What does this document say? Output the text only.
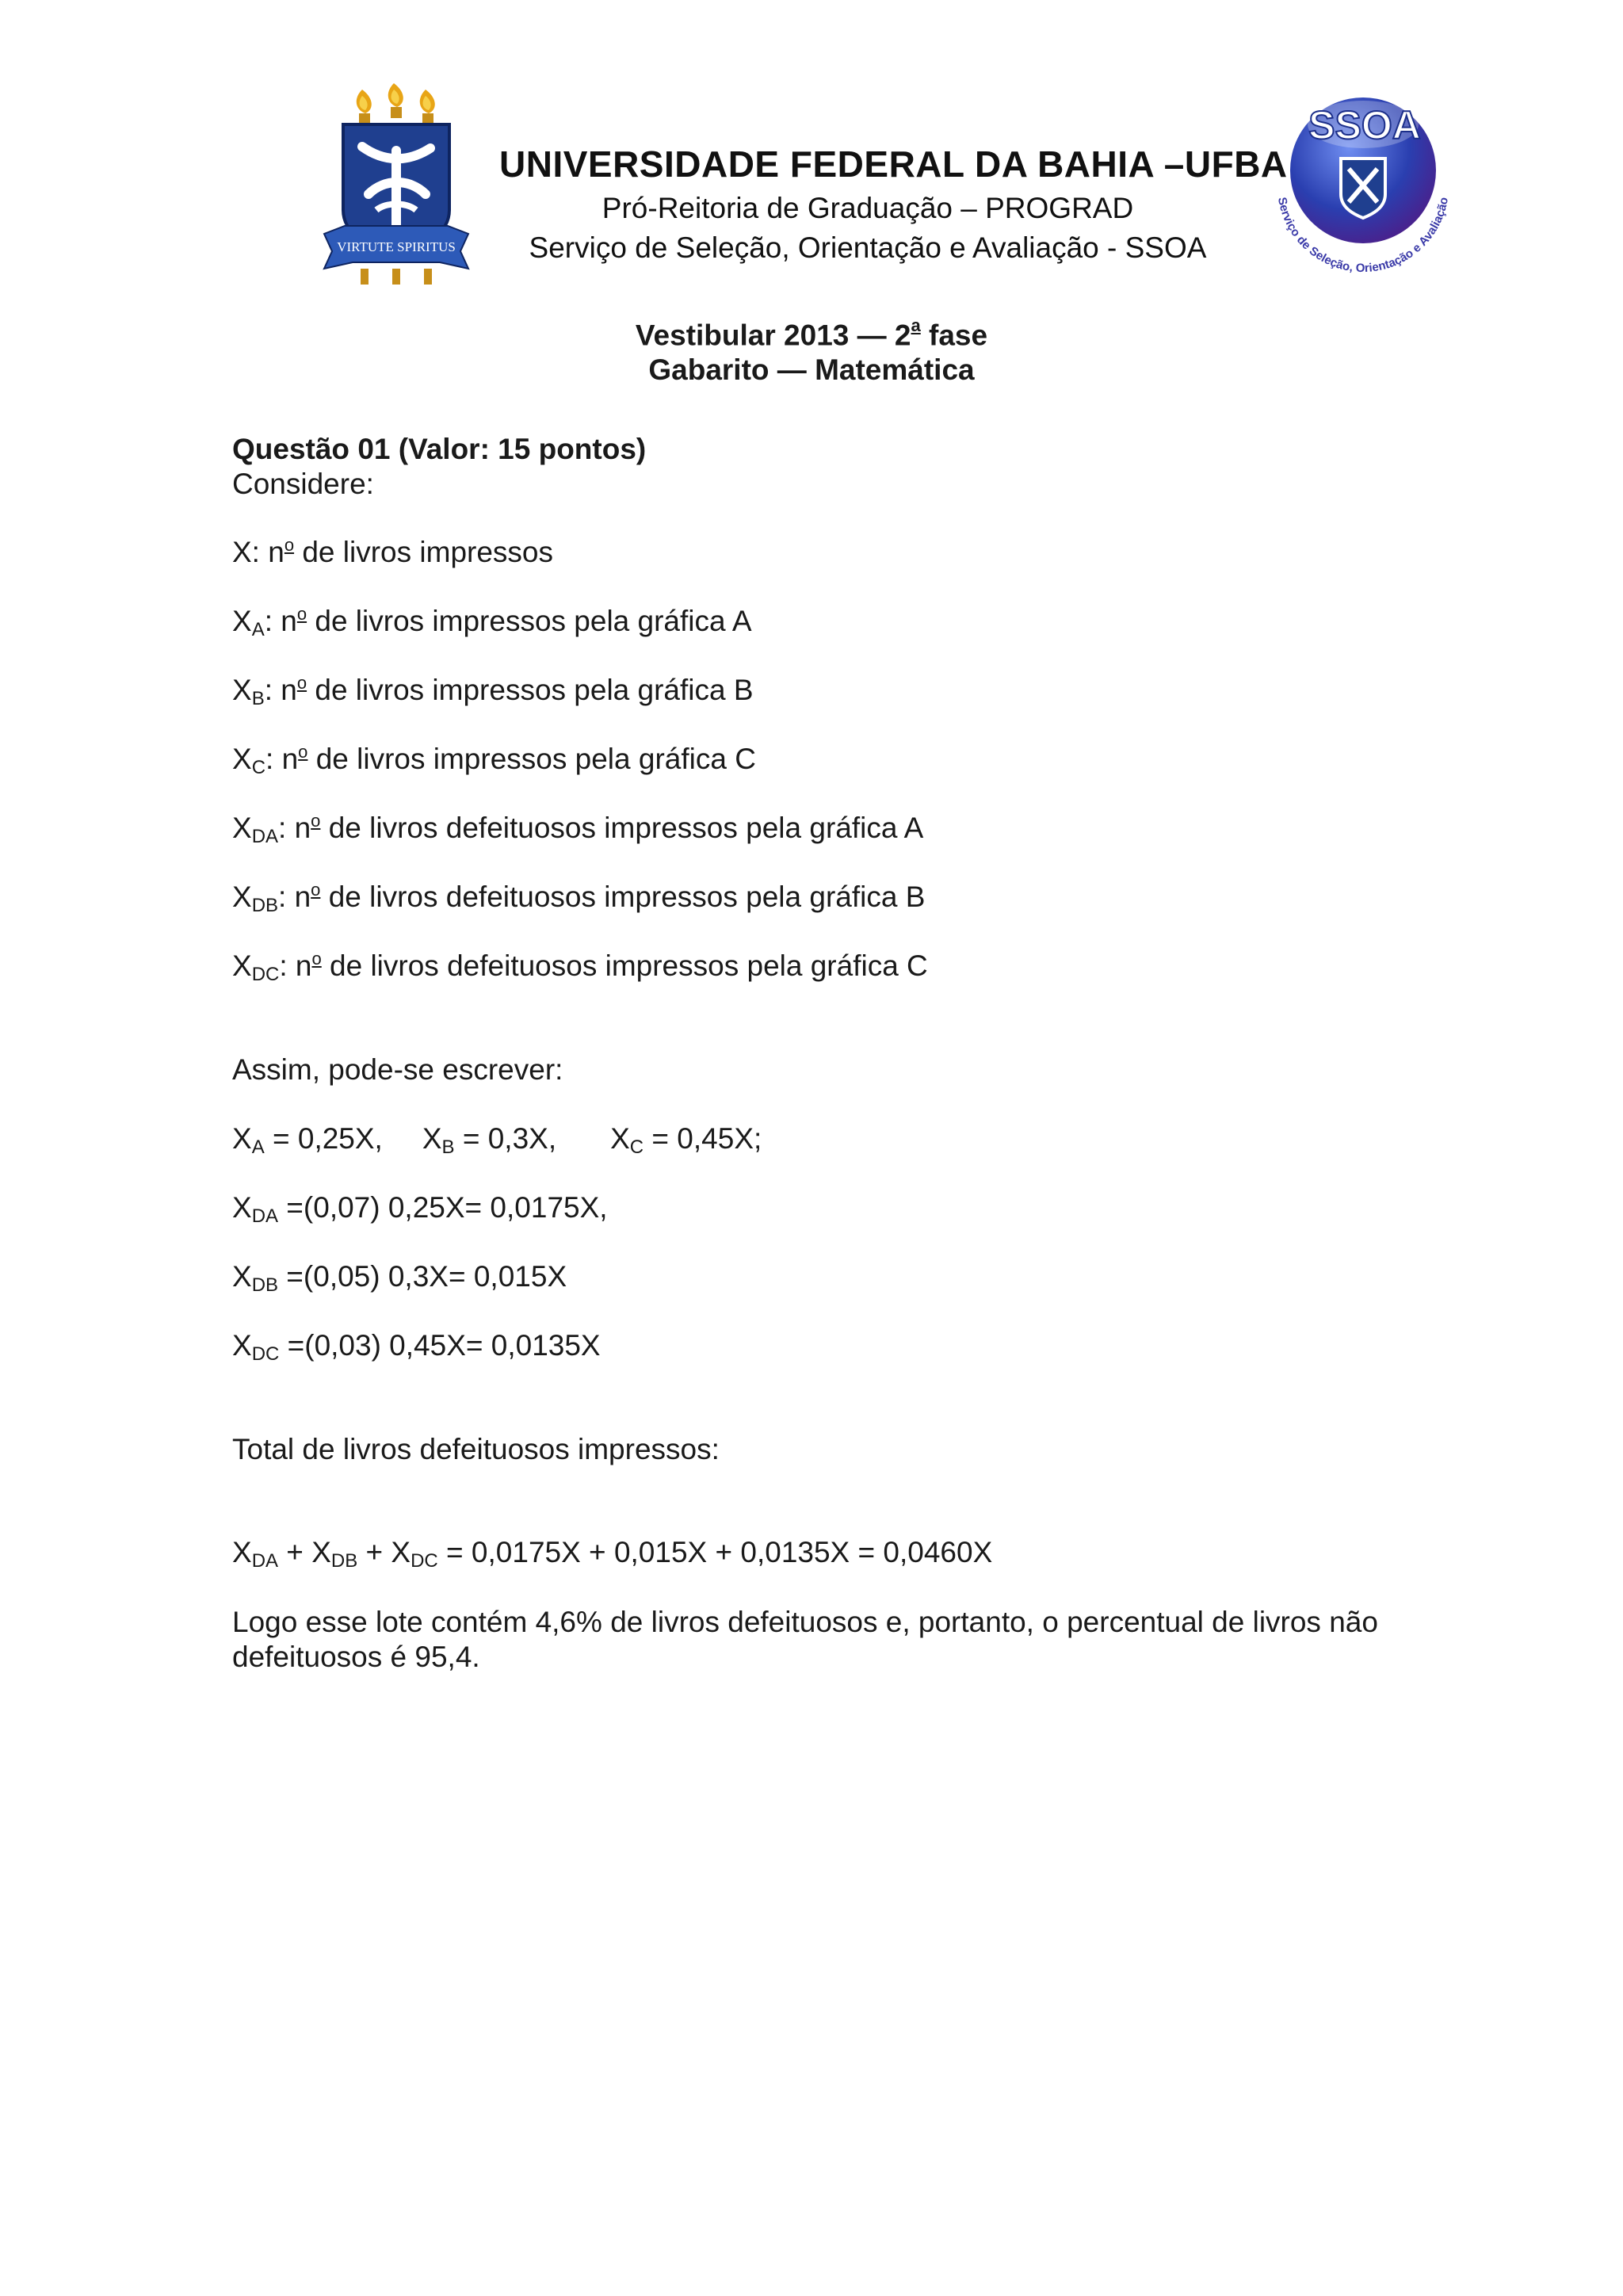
VIRTUTE SPIRITUS
UNIVERSIDADE FEDERAL DA BAHIA –UFBA
Pró-Reitoria de Graduação – PROGRAD
Serviço de Seleção, Orientação e Avaliação - SSOA
SSOA
Serviço de Seleção, Orientação e Avaliação
Vestibular 2013 — 2$^a$ fase
Gabarito — Matemática
Questão 01 (Valor: 15 pontos)
Considere:
X: $n^o$ de livros impressos
$X_A$: $n^o$ de livros impressos pela gráfica A
$X_B$: $n^o$ de livros impressos pela gráfica B
$X_C$: $n^o$ de livros impressos pela gráfica C
$X_{DA}$: $n^o$ de livros defeituosos impressos pela gráfica A
$X_{DB}$: $n^o$ de livros defeituosos impressos pela gráfica B
$X_{DC}$: $n^o$ de livros defeituosos impressos pela gráfica C
Assim, pode-se escrever:
$X_A = 0,25X$, $X_B = 0,3X$, $X_C = 0,45X$;
$X_{DA} =(0,07)$ 0,25X= 0,0175X,
$X_{DB} =(0,05)$ 0,3X= 0,015X
$X_{DC} =(0,03)$ 0,45X= 0,0135X
Total de livros defeituosos impressos:
$X_{DA} + X_{DB} + X_{DC} = 0,0175X + 0,015X + 0,0135X = 0,0460X$
Logo esse lote contém 4,6% de livros defeituosos e, portanto, o percentual de livros não defeituosos é 95,4.
